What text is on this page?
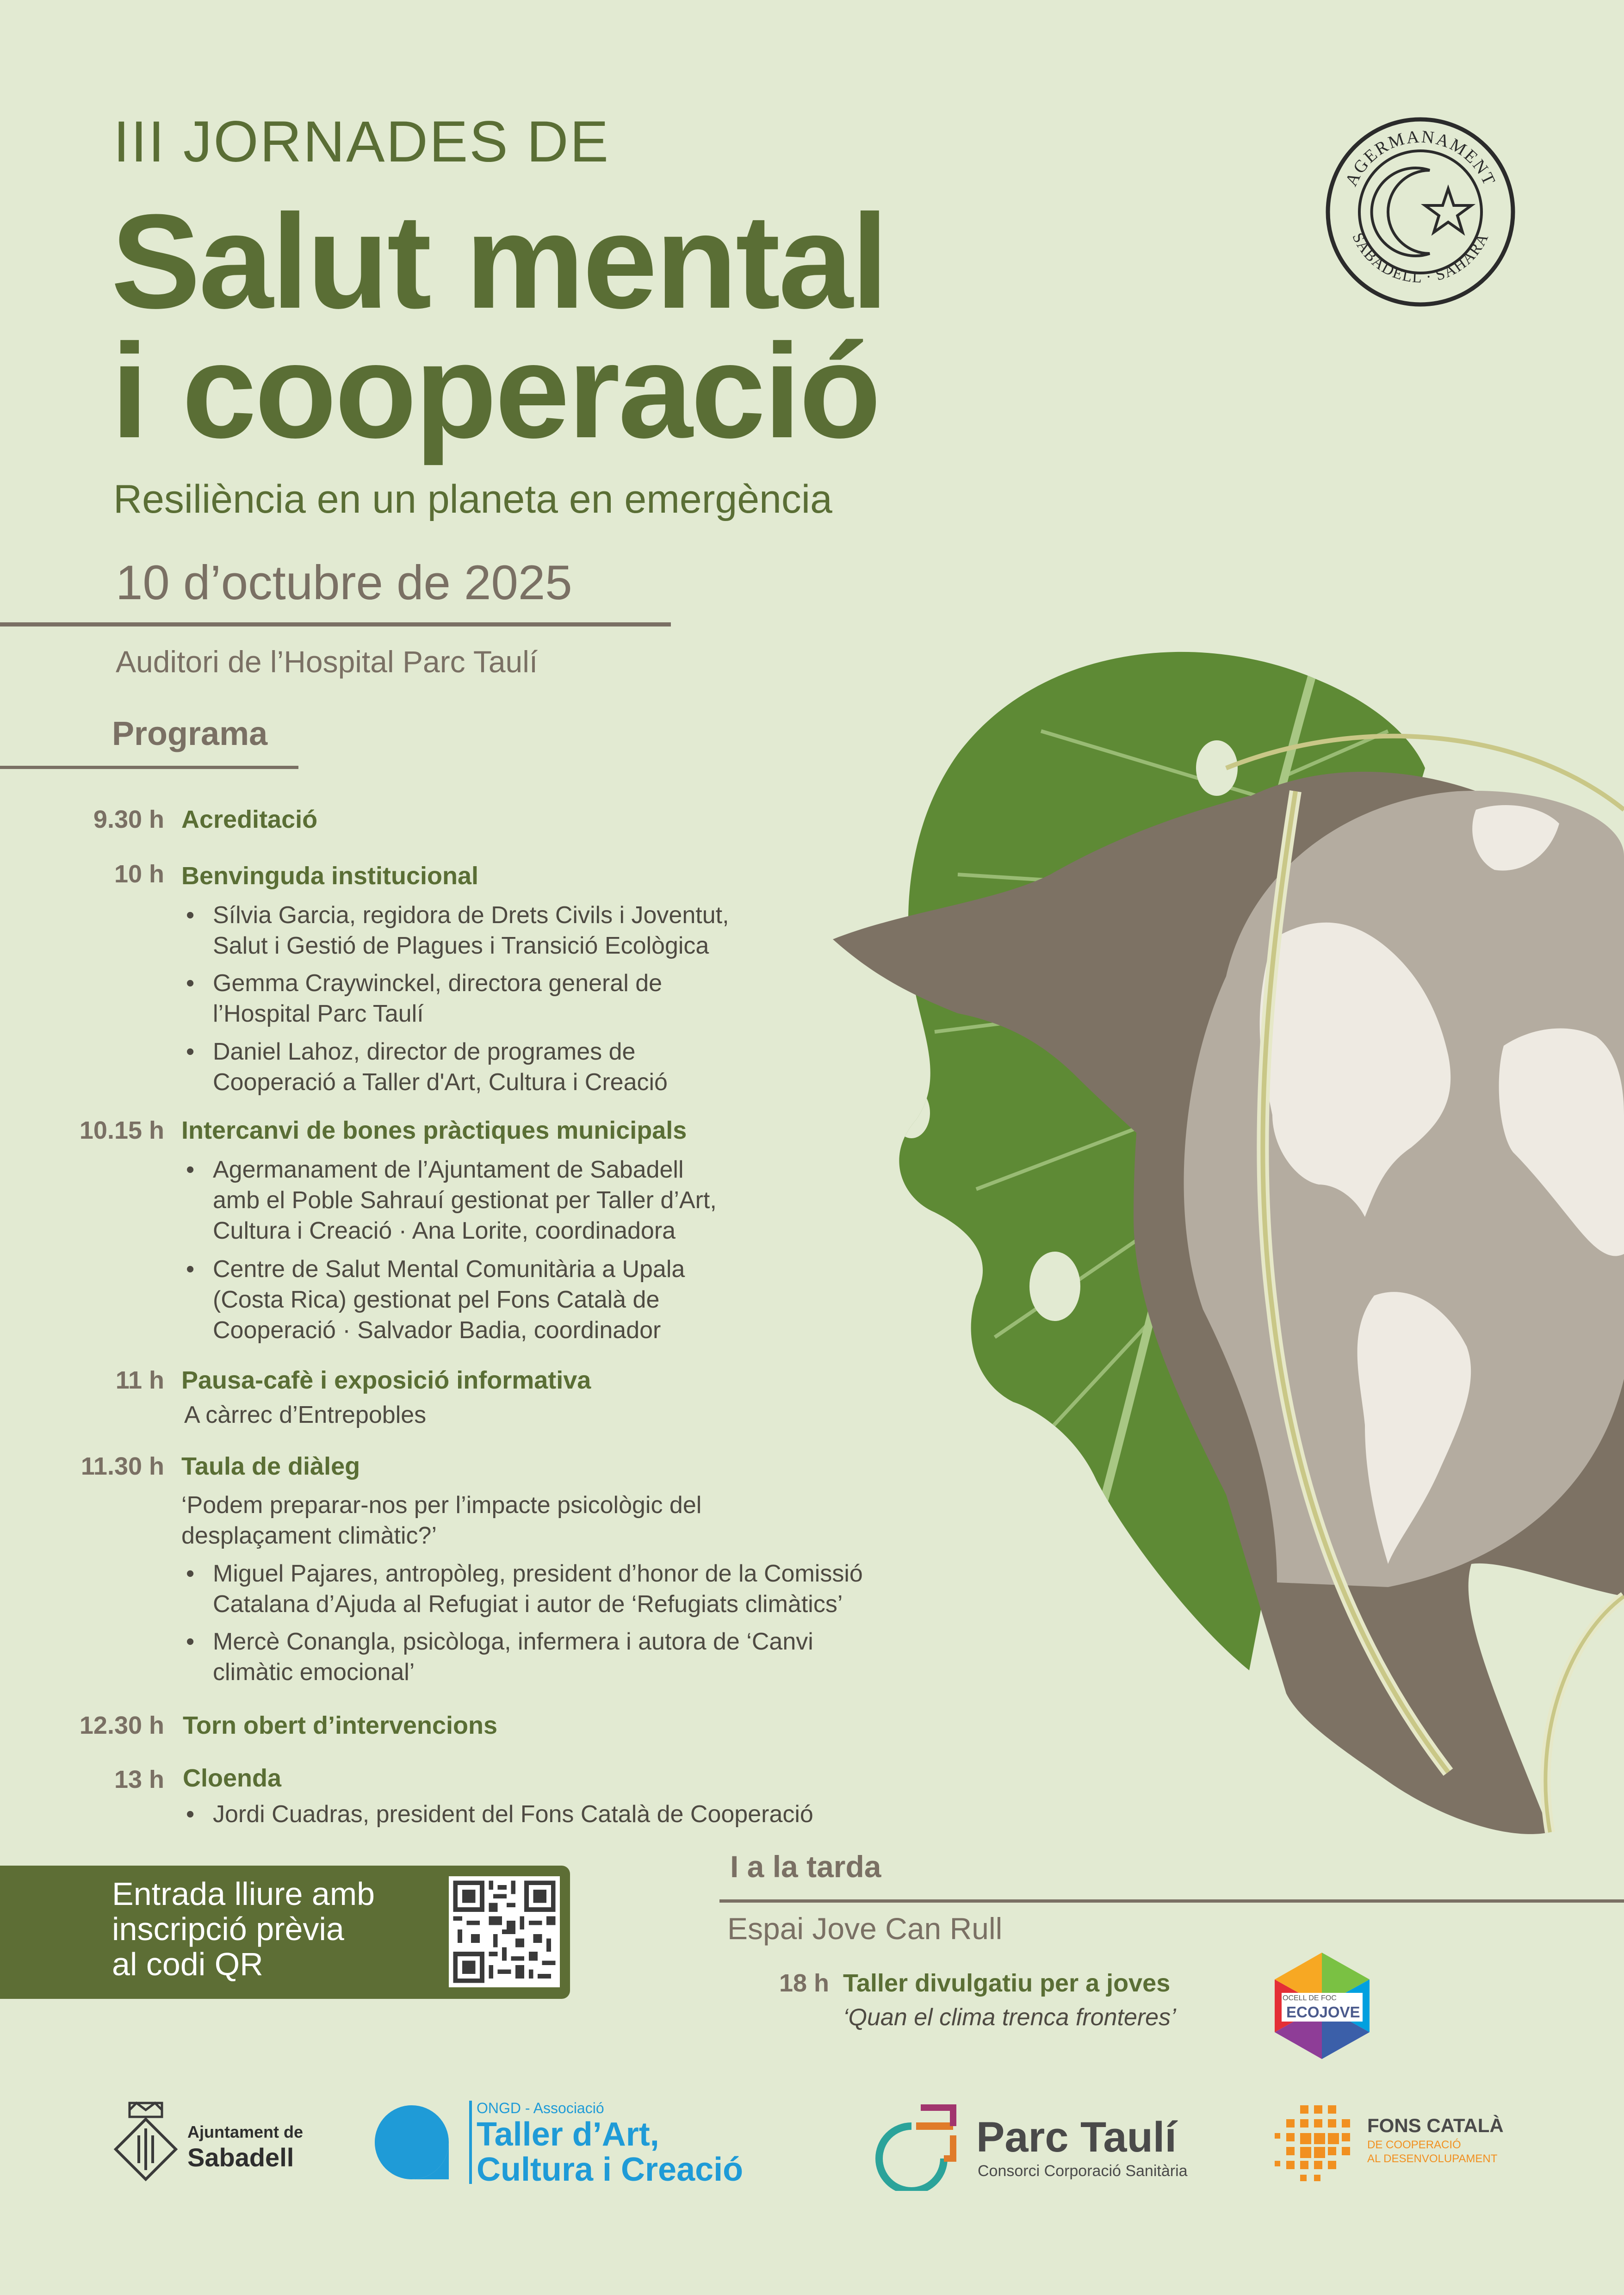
AGERMANAMENT
SABADELL · SAHARA
III JORNADES DE
Salut mental
i cooperació
Resiliència en un planeta en emergència
10 d’octubre de 2025
Auditori de l’Hospital Parc Taulí
Programa
9.30 h Acreditació
10 h Benvinguda institucional
• Sílvia Garcia, regidora de Drets Civils i Joventut,
Salut i Gestió de Plagues i Transició Ecològica
• Gemma Craywinckel, directora general de
l’Hospital Parc Taulí
• Daniel Lahoz, director de programes de
Cooperació a Taller d'Art, Cultura i Creació
10.15 h Intercanvi de bones pràctiques municipals
• Agermanament de l’Ajuntament de Sabadell
amb el Poble Sahrauí gestionat per Taller d’Art,
Cultura i Creació · Ana Lorite, coordinadora
• Centre de Salut Mental Comunitària a Upala
(Costa Rica) gestionat pel Fons Català de
Cooperació · Salvador Badia, coordinador
11 h Pausa-cafè i exposició informativa
A càrrec d’Entrepobles
11.30 h Taula de diàleg
‘Podem preparar-nos per l’impacte psicològic del
desplaçament climàtic?’
• Miguel Pajares, antropòleg, president d’honor de la Comissió
Catalana d’Ajuda al Refugiat i autor de ‘Refugiats climàtics’
• Mercè Conangla, psicòloga, infermera i autora de ‘Canvi
climàtic emocional’
12.30 h Torn obert d’intervencions
13 h Cloenda
• Jordi Cuadras, president del Fons Català de Cooperació
Entrada lliure amb
inscripció prèvia
al codi QR
I a la tarda
Espai Jove Can Rull
18 h Taller divulgatiu per a joves
‘Quan el clima trenca fronteres’
OCELL DE FOC
ECOJOVE
Ajuntament de
Sabadell
ONGD - Associació
Taller d’Art,
Cultura i Creació
Parc Taulí
Consorci Corporació Sanitària
FONS CATALÀ
DE COOPERACIÓ
AL DESENVOLUPAMENT
